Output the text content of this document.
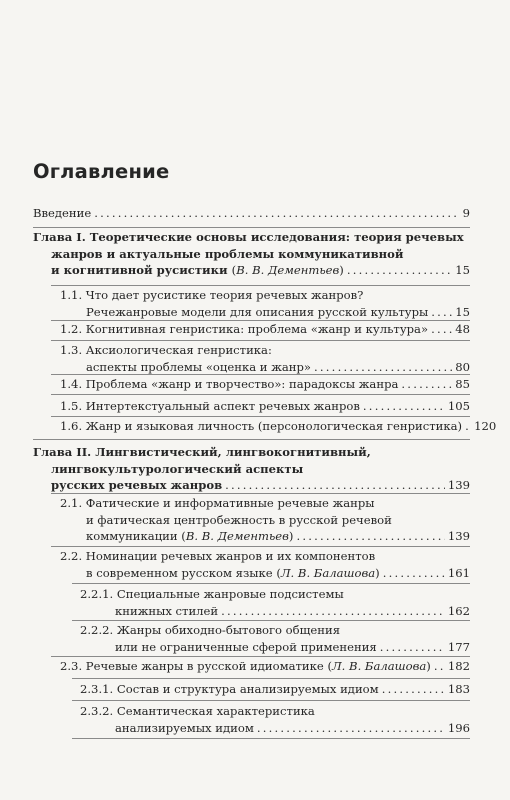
Оглавление
Введение .....	9
Глава I. Теоретические основы исследования: теория речевых
жанров и актуальные проблемы коммуникативной
и когнитивной русистики (В. В. Дементьев) .....	15
1.1. Что дает русистике теория речевых жанров?
Речежанровые модели для описания русской культуры ..... 15
1.2. Когнитивная генристика: проблема «жанр и культура» ..... 48
1.3. Аксиологическая генристика:
аспекты проблемы «оценка и жанр» .....	80
1.4. Проблема «жанр и творчество»: парадоксы жанра .....	85
1.5. Интертекстуальный аспект речевых жанров .....	105
1.6. Жанр и языковая личность (персонологическая генристика) ..... 120
Глава II. Лингвистический, лингвокогнитивный,
лингвокультурологический аспекты
русских речевых жанров .....	139
2.1. Фатические и информативные речевые жанры
и фатическая центробежность в русской речевой
коммуникации (В. В. Дементьев) .....	139
2.2. Номинации речевых жанров и их компонентов
в современном русском языке (Л. В. Балашова) .....	161
2.2.1. Специальные жанровые подсистемы
книжных стилей .....	162
2.2.2. Жанры обиходно-бытового общения
или не ограниченные сферой применения .....	177
2.3. Речевые жанры в русской идиоматике (Л. В. Балашова) ..... 182
2.3.1. Состав и структура анализируемых идиом .....	183
2.3.2. Семантическая характеристика
анализируемых идиом .....	196
